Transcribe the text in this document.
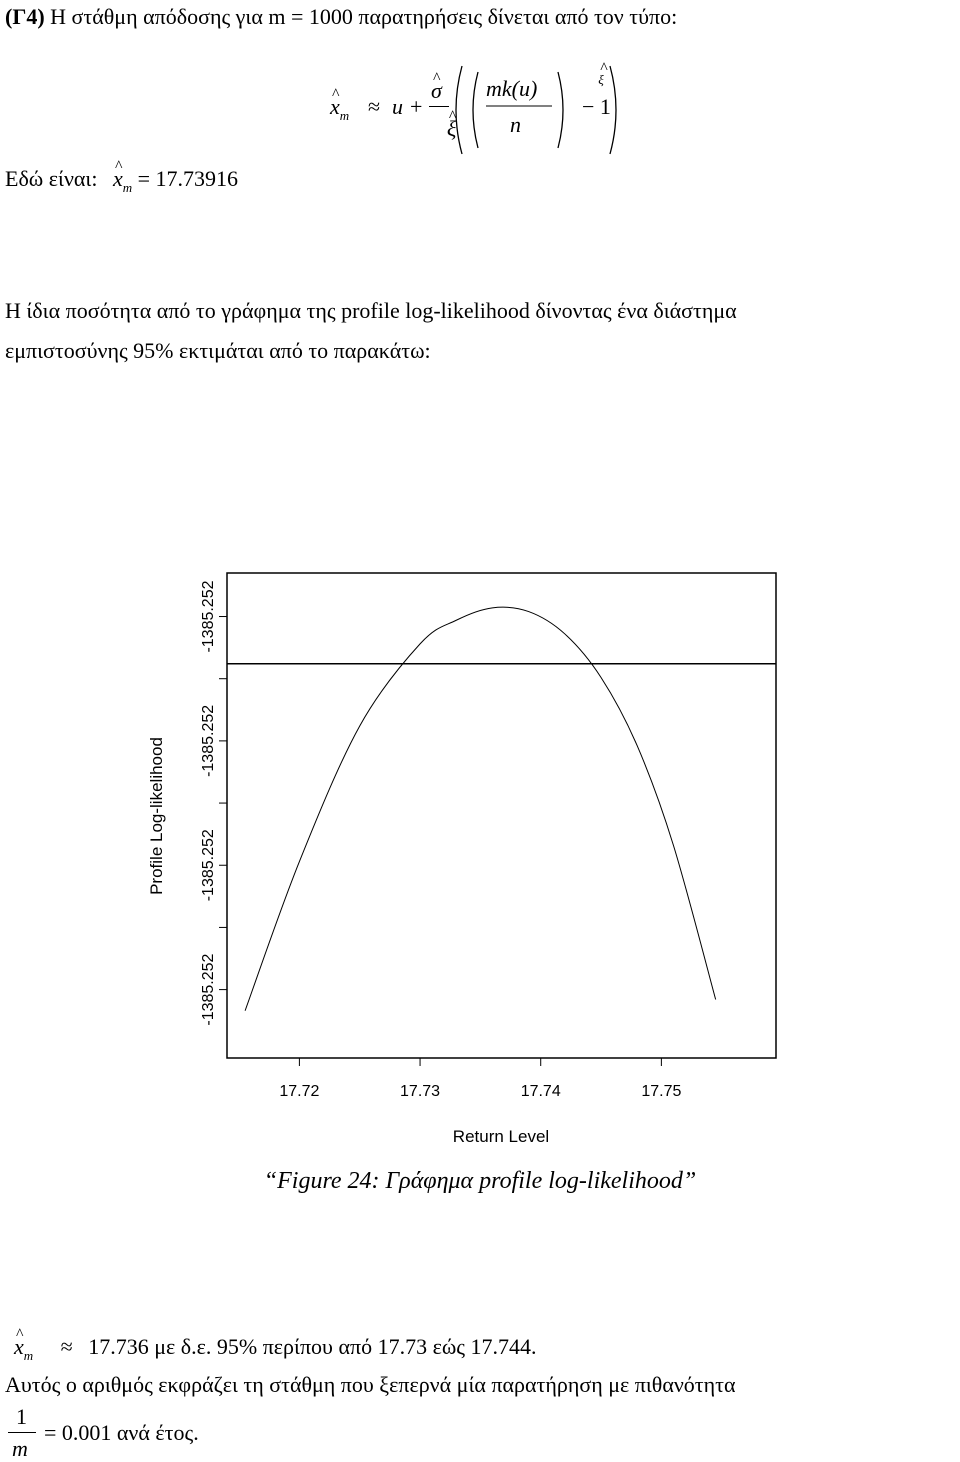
(Γ4) Η στάθμη απόδοσης για m = 1000 παρατηρήσεις δίνεται από τον τύπο:
^ $x_m \approx u$ +
^ σ
^ ξ
mk(u)
n
^ ξ
− 1
Εδώ είναι: ^ $x_m = 17.73916$
Η ίδια ποσότητα από το γράφημα της profile log-likelihood δίνοντας ένα διάστημα
εμπιστοσύνης 95% εκτιμάται από το παρακάτω:
-1385.252
-1385.252
-1385.252
-1385.252
17.72	17.73	17.74	17.75
Return Level
Profile Log-likelihood
“Figure 24: Γράφημα profile log-likelihood”
^ $x_m \approx 17.736$ με δ.ε. 95% περίπου από 17.73 εώς 17.744.
Αυτός ο αριθμός εκφράζει τη στάθμη που ξεπερνά μία παρατήρηση με πιθανότητα
1
m
= 0.001 ανά έτος.
